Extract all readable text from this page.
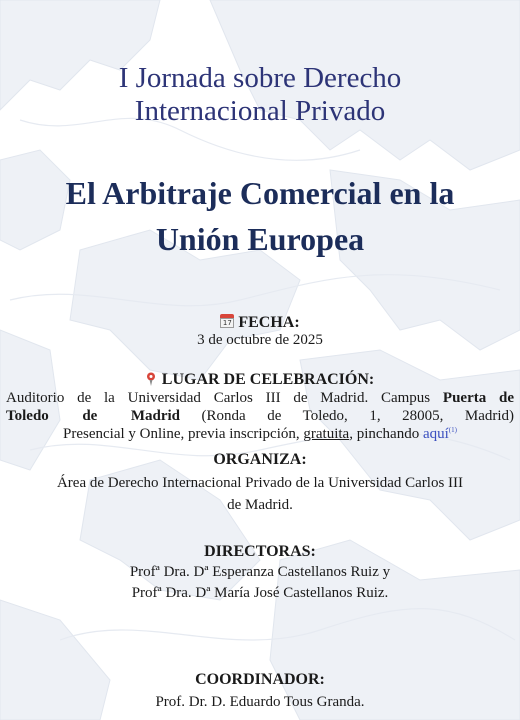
I Jornada sobre Derecho
Internacional Privado
El Arbitraje Comercial en la
Unión Europea
17 FECHA:
3 de octubre de 2025
LUGAR DE CELEBRACIÓN:
Auditorio de la Universidad Carlos III de Madrid. Campus Puerta de
Toledo de Madrid (Ronda de Toledo, 1, 28005, Madrid)
Presencial y Online, previa inscripción, gratuita, pinchando aquí$^{(1)}$
ORGANIZA:
Área de Derecho Internacional Privado de la Universidad Carlos III
de Madrid.
DIRECTORAS:
Profª Dra. Dª Esperanza Castellanos Ruiz y
Profª Dra. Dª María José Castellanos Ruiz.
COORDINADOR:
Prof. Dr. D. Eduardo Tous Granda.
